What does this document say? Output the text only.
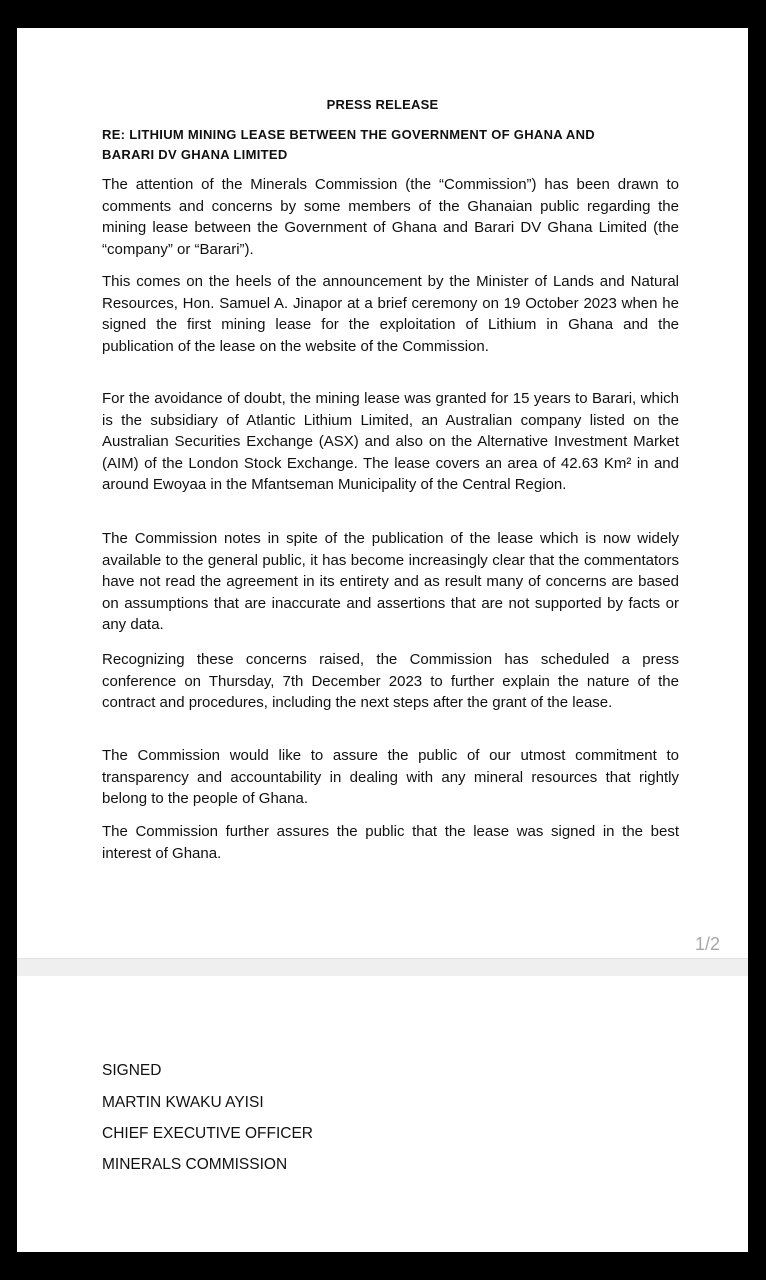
PRESS RELEASE
RE: LITHIUM MINING LEASE BETWEEN THE GOVERNMENT OF GHANA AND
BARARI DV GHANA LIMITED

The attention of the Minerals Commission (the “Commission”) has been drawn to comments and concerns by some members of the Ghanaian public regarding the mining lease between the Government of Ghana and Barari DV Ghana Limited (the “company” or “Barari”).

This comes on the heels of the announcement by the Minister of Lands and Natural Resources, Hon. Samuel A. Jinapor at a brief ceremony on 19 October 2023 when he signed the first mining lease for the exploitation of Lithium in Ghana and the publication of the lease on the website of the Commission.

For the avoidance of doubt, the mining lease was granted for 15 years to Barari, which is the subsidiary of Atlantic Lithium Limited, an Australian company listed on the Australian Securities Exchange (ASX) and also on the Alternative Investment Market (AIM) of the London Stock Exchange. The lease covers an area of 42.63 Km² in and around Ewoyaa in the Mfantseman Municipality of the Central Region.

The Commission notes in spite of the publication of the lease which is now widely available to the general public, it has become increasingly clear that the commentators have not read the agreement in its entirety and as result many of concerns are based on assumptions that are inaccurate and assertions that are not supported by facts or any data.

Recognizing these concerns raised, the Commission has scheduled a press conference on Thursday, 7th December 2023 to further explain the nature of the contract and procedures, including the next steps after the grant of the lease.

The Commission would like to assure the public of our utmost commitment to transparency and accountability in dealing with any mineral resources that rightly belong to the people of Ghana.

The Commission further assures the public that the lease was signed in the best interest of Ghana.

1/2
SIGNED
MARTIN KWAKU AYISI
CHIEF EXECUTIVE OFFICER
MINERALS COMMISSION
